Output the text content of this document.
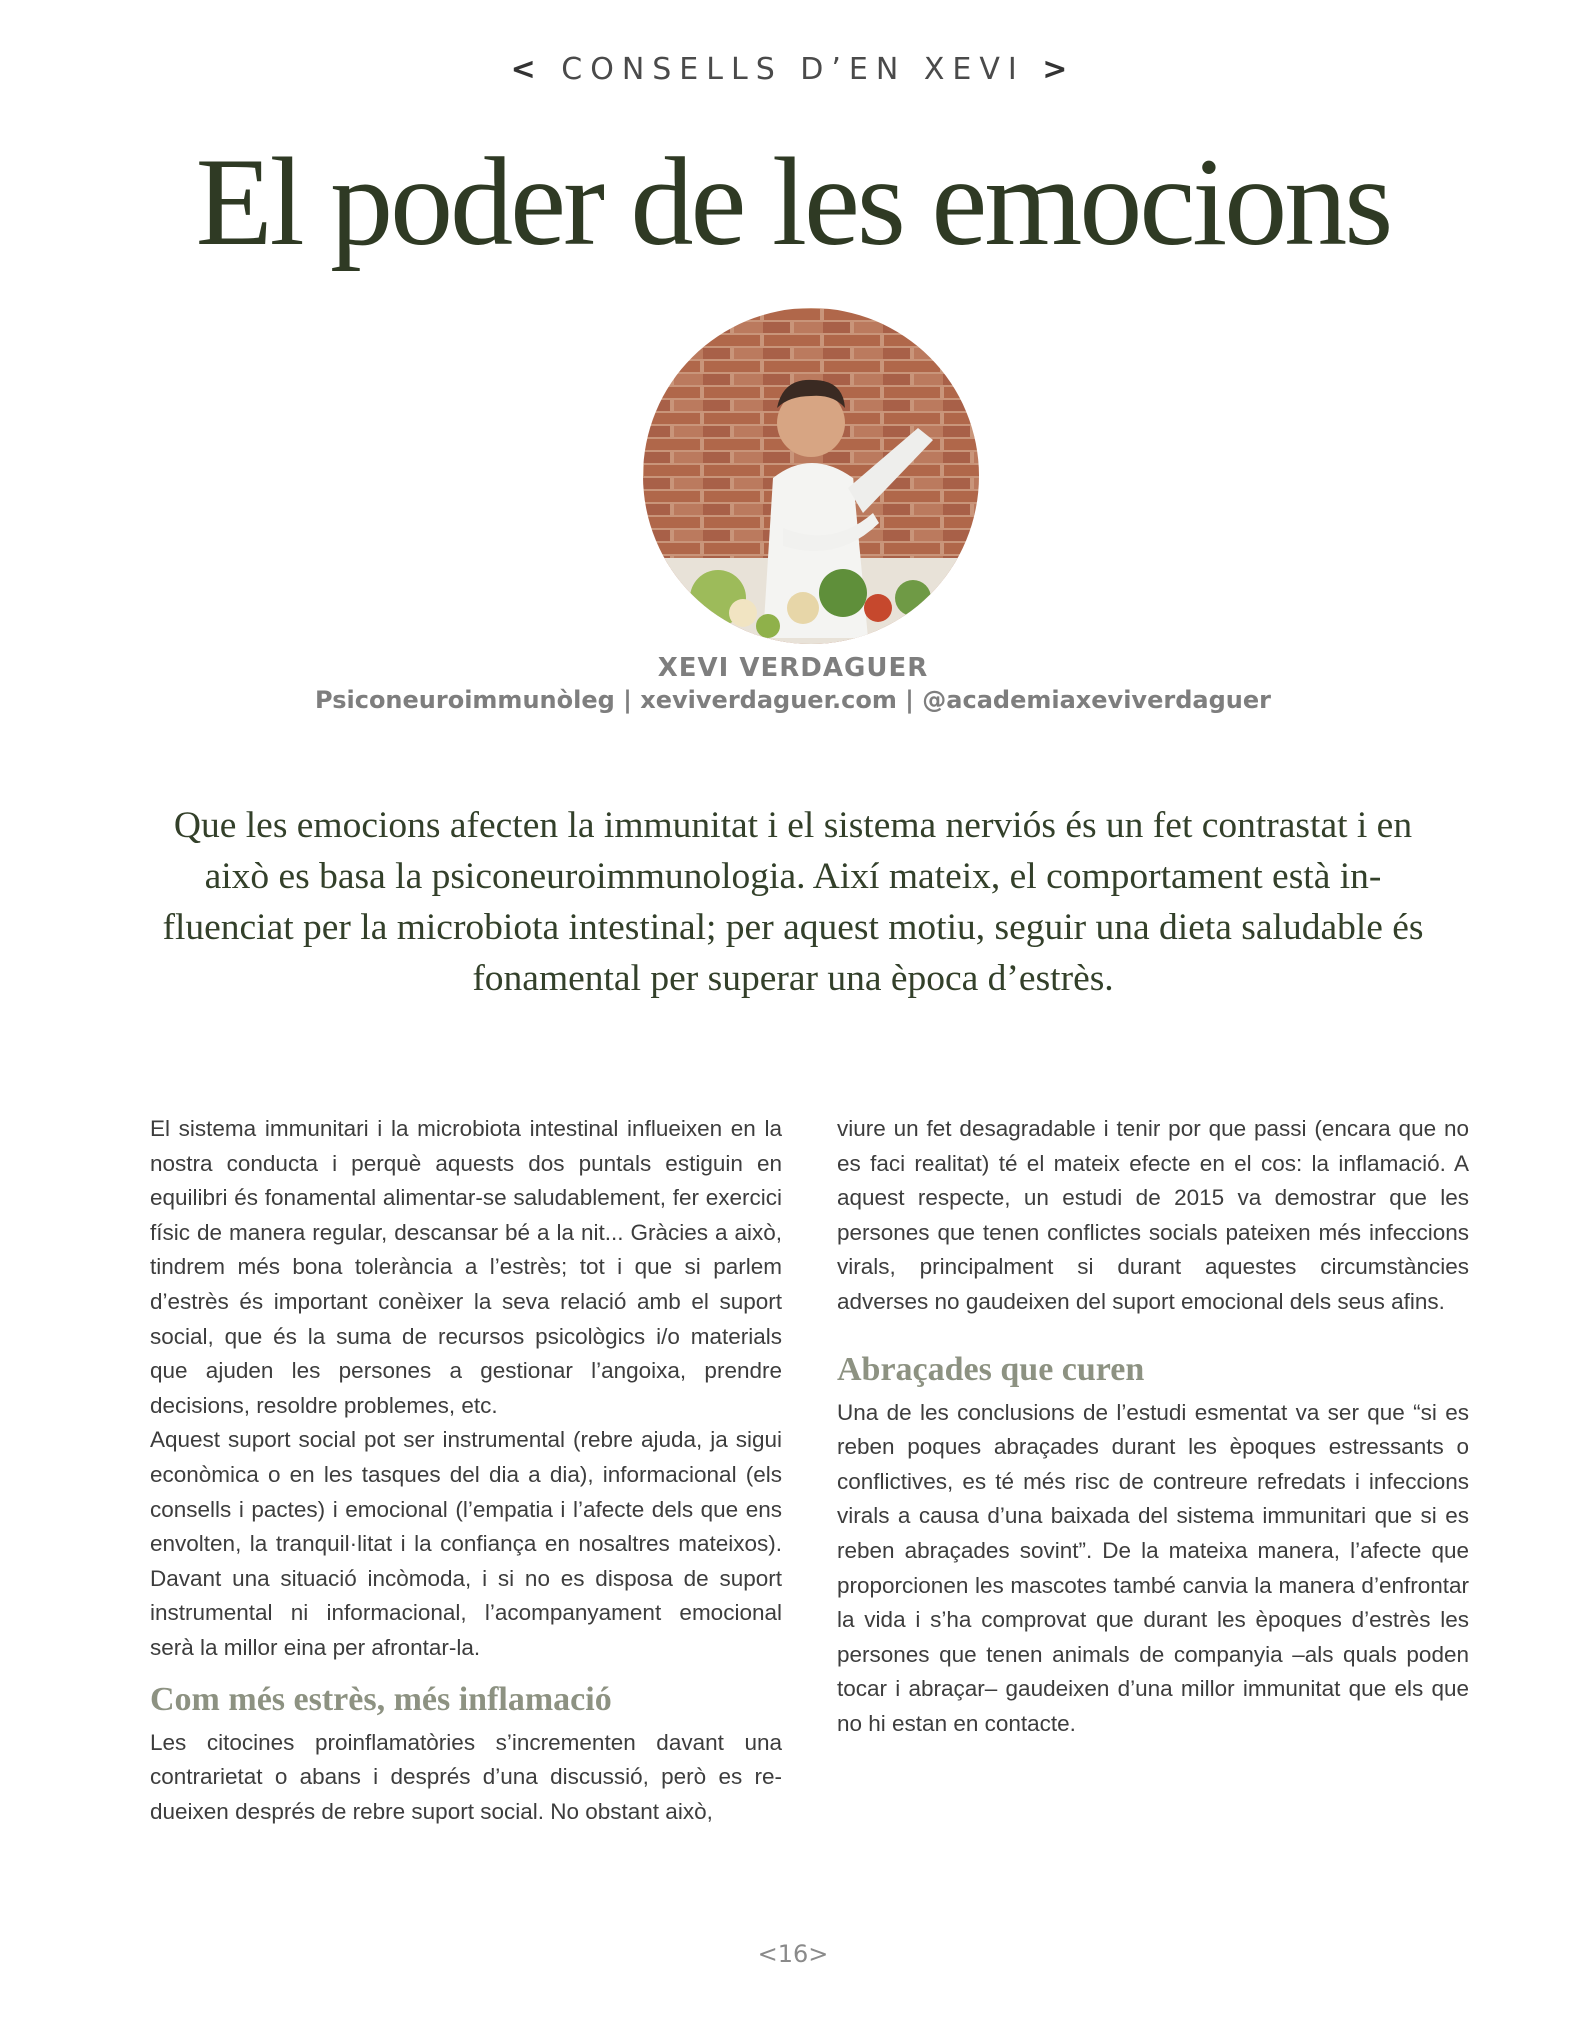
< CONSELLS D’EN XEVI >
El poder de les emocions
XEVI VERDAGUER
Psiconeuroimmunòleg | xeviverdaguer.com | @academiaxeviverdaguer

Que les emocions afecten la immunitat i el sistema nerviós és un fet contrastat i en això es basa la psiconeuroimmunologia. Així mateix, el comportament està influenciat per la microbiota intestinal; per aquest motiu, seguir una dieta saludable és fonamental per superar una època d’estrès.

El sistema immunitari i la microbiota intestinal influeixen en la nostra conducta i perquè aquests dos puntals estiguin en equilibri és fonamental alimentar-se saludablement, fer exercici físic de manera regular, descansar bé a la nit... Gràcies a això, tindrem més bona tolerància a l’estrès; tot i que si parlem d’estrès és important conèixer la seva relació amb el suport social, que és la suma de recursos psicològics i/o materials que ajuden les persones a gestionar l’angoixa, prendre decisions, resoldre problemes, etc.

Aquest suport social pot ser instrumental (rebre ajuda, ja sigui econòmica o en les tasques del dia a dia), informacional (els consells i pactes) i emocional (l’empatia i l’afecte dels que ens envolten, la tranquil·litat i la confiança en nosaltres mateixos). Davant una situació incòmoda, i si no es disposa de suport instrumental ni informacional, l’acompanyament emocional serà la millor eina per afrontar-la.

Com més estrès, més inflamació

Les citocines proinflamatòries s’incrementen davant una contrarietat o abans i després d’una discussió, però es redueixen després de rebre suport social. No obstant això,

viure un fet desagradable i tenir por que passi (encara que no es faci realitat) té el mateix efecte en el cos: la inflamació. A aquest respecte, un estudi de 2015 va demostrar que les persones que tenen conflictes socials pateixen més infeccions virals, principalment si durant aquestes circumstàncies adverses no gaudeixen del suport emocional dels seus afins.

Abraçades que curen

Una de les conclusions de l’estudi esmentat va ser que “si es reben poques abraçades durant les èpoques estressants o conflictives, es té més risc de contreure refredats i infeccions virals a causa d’una baixada del sistema immunitari que si es reben abraçades sovint”. De la mateixa manera, l’afecte que proporcionen les mascotes també canvia la manera d’enfrontar la vida i s’ha comprovat que durant les èpoques d’estrès les persones que tenen animals de companyia –als quals poden tocar i abraçar– gaudeixen d’una millor immunitat que els que no hi estan en contacte.

<16>
